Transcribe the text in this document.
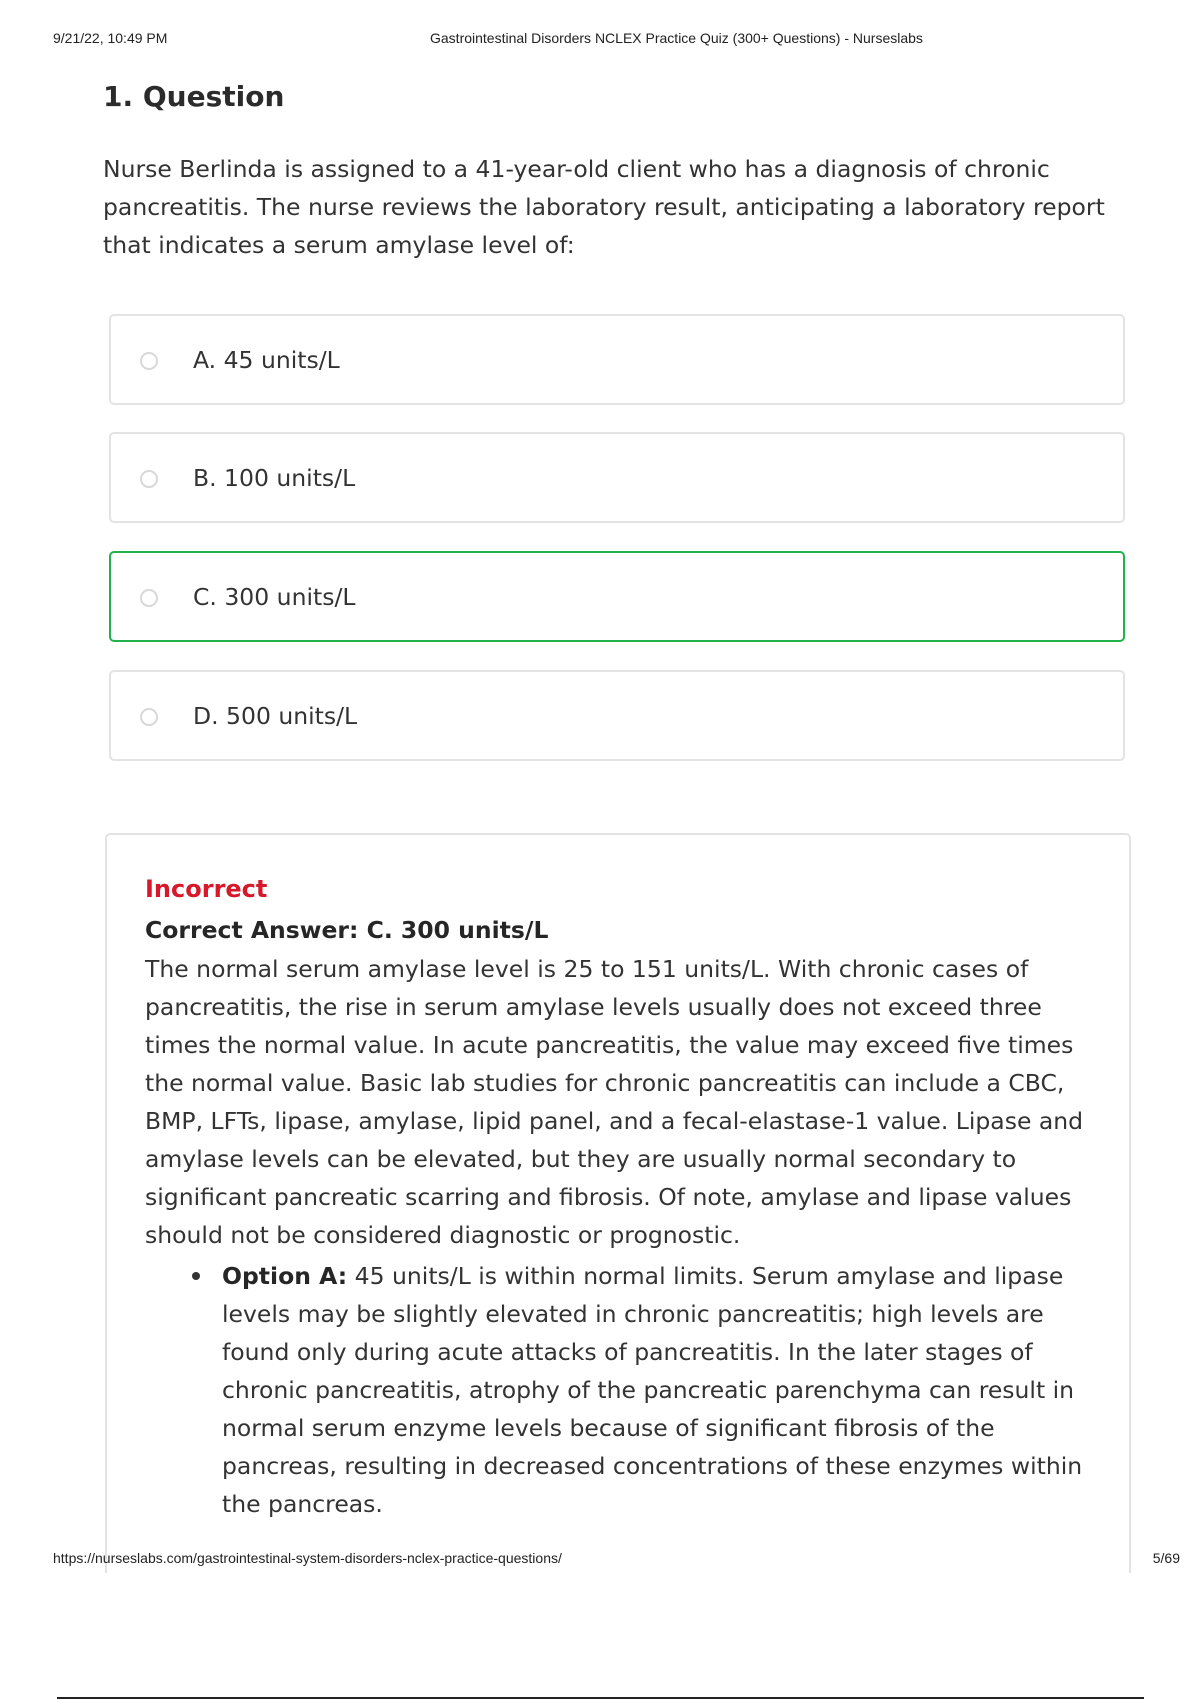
9/21/22, 10:49 PM	Gastrointestinal Disorders NCLEX Practice Quiz (300+ Questions) - Nurseslabs
1. Question

Nurse Berlinda is assigned to a 41-year-old client who has a diagnosis of chronic pancreatitis. The nurse reviews the laboratory result, anticipating a laboratory report that indicates a serum amylase level of:

A. 45 units/L
B. 100 units/L
C. 300 units/L
D. 500 units/L
Incorrect
Correct Answer: C. 300 units/L

The normal serum amylase level is 25 to 151 units/L. With chronic cases of pancreatitis, the rise in serum amylase levels usually does not exceed three times the normal value. In acute pancreatitis, the value may exceed five times the normal value. Basic lab studies for chronic pancreatitis can include a CBC, BMP, LFTs, lipase, amylase, lipid panel, and a fecal-elastase-1 value. Lipase and amylase levels can be elevated, but they are usually normal secondary to significant pancreatic scarring and fibrosis. Of note, amylase and lipase values should not be considered diagnostic or prognostic.

Option A: 45 units/L is within normal limits. Serum amylase and lipase levels may be slightly elevated in chronic pancreatitis; high levels are found only during acute attacks of pancreatitis. In the later stages of chronic pancreatitis, atrophy of the pancreatic parenchyma can result in normal serum enzyme levels because of significant fibrosis of the pancreas, resulting in decreased concentrations of these enzymes within the pancreas.

https://nurseslabs.com/gastrointestinal-system-disorders-nclex-practice-questions/	5/69
